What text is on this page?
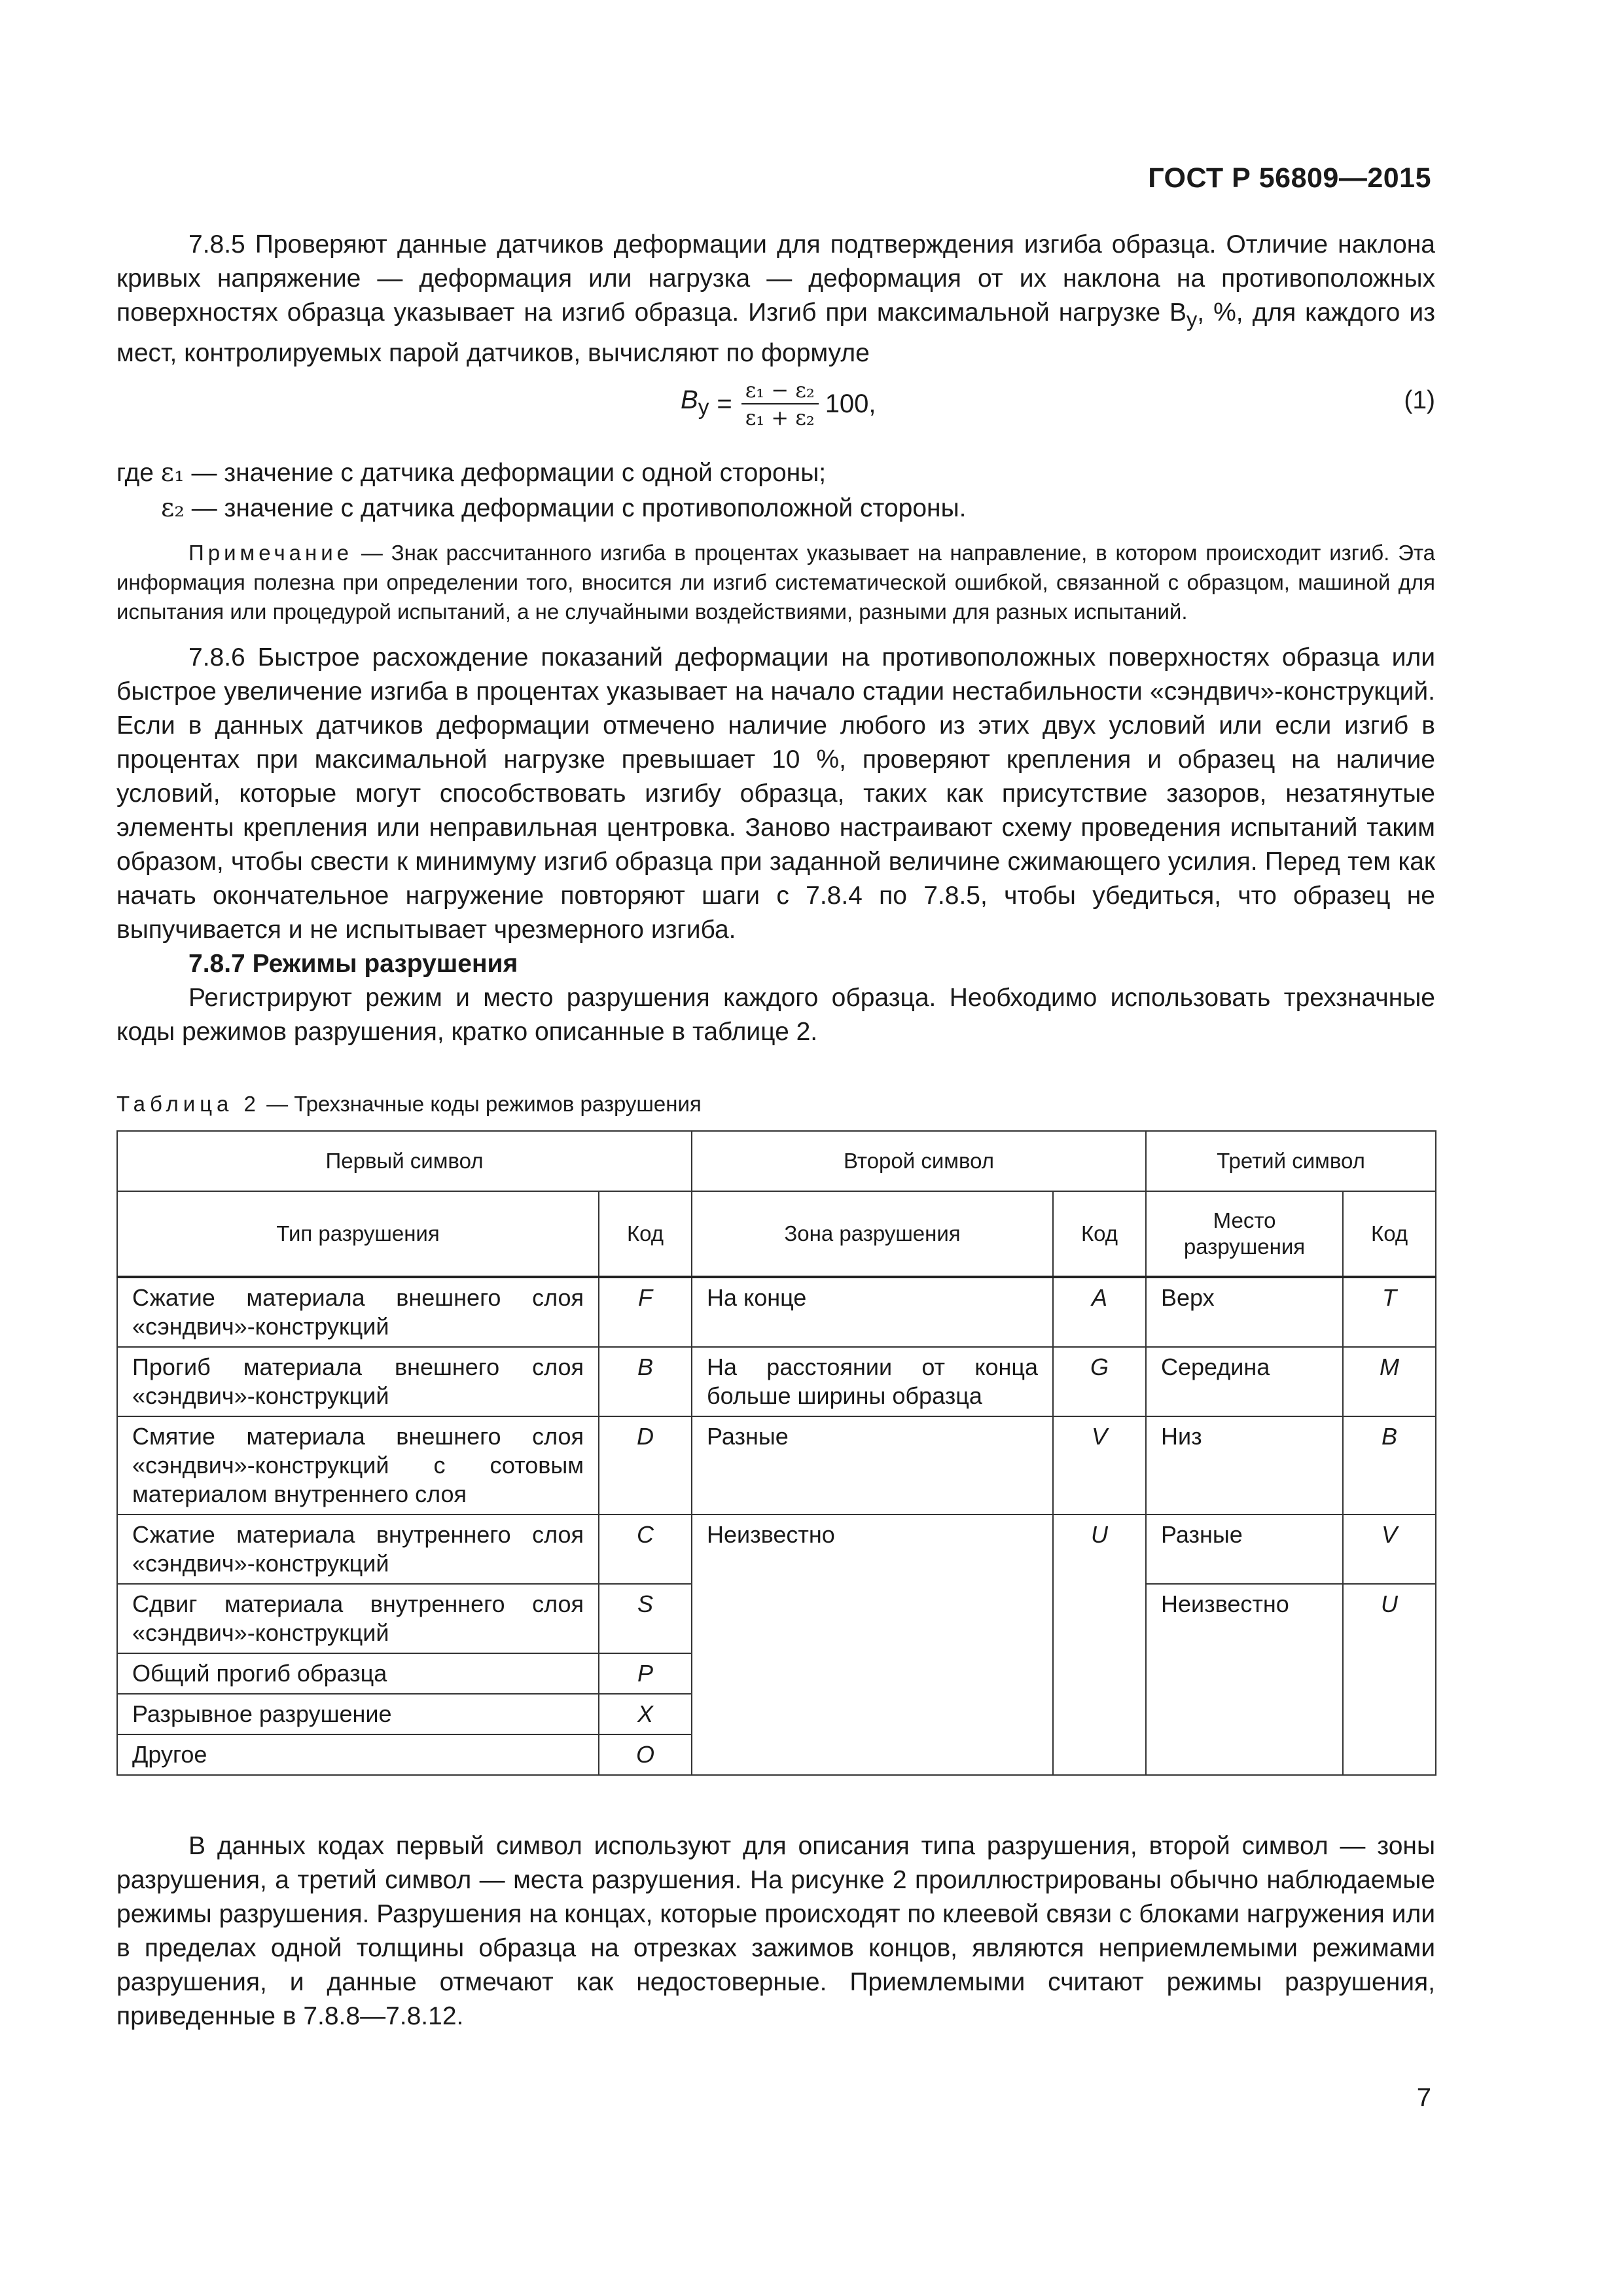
ГОСТ Р 56809—2015

7.8.5 Проверяют данные датчиков деформации для подтверждения изгиба образца. Отличие наклона кривых напряжение — деформация или нагрузка — деформация от их наклона на противоположных поверхностях образца указывает на изгиб образца. Изгиб при максимальной нагрузке $B_y$, %, для каждого из мест, контролируемых парой датчиков, вычисляют по формуле

$B_y = \frac{\text{ε₁ − ε₂}}{\text{ε₁ + ε₂}} 100$,	(1)
где ε₁ — значение с датчика деформации с одной стороны;
ε₂ — значение с датчика деформации с противоположной стороны.

Примечание — Знак рассчитанного изгиба в процентах указывает на направление, в котором происходит изгиб. Эта информация полезна при определении того, вносится ли изгиб систематической ошибкой, связанной с образцом, машиной для испытания или процедурой испытаний, а не случайными воздействиями, разными для разных испытаний.

7.8.6 Быстрое расхождение показаний деформации на противоположных поверхностях образца или быстрое увеличение изгиба в процентах указывает на начало стадии нестабильности «сэндвич»-конструкций. Если в данных датчиков деформации отмечено наличие любого из этих двух условий или если изгиб в процентах при максимальной нагрузке превышает 10 %, проверяют крепления и образец на наличие условий, которые могут способствовать изгибу образца, таких как присутствие зазоров, незатянутые элементы крепления или неправильная центровка. Заново настраивают схему проведения испытаний таким образом, чтобы свести к минимуму изгиб образца при заданной величине сжимающего усилия. Перед тем как начать окончательное нагружение повторяют шаги с 7.8.4 по 7.8.5, чтобы убедиться, что образец не выпучивается и не испытывает чрезмерного изгиба.

7.8.7 Режимы разрушения

Регистрируют режим и место разрушения каждого образца. Необходимо использовать трехзначные коды режимов разрушения, кратко описанные в таблице 2.

Таблица 2 — Трехзначные коды режимов разрушения
Первый символ		Второй символ		Третий символ	
Тип разрушения	Код	Зона разрушения	Код	Место разрушения	Код
Сжатие материала внешнего слоя «сэндвич»-конструкций	F	На конце	A	Верх	T
Прогиб материала внешнего слоя «сэндвич»-конструкций	B	На расстоянии от конца больше ширины образца	G	Середина	M
Смятие материала внешнего слоя «сэндвич»-конструкций с сотовым материалом внутреннего слоя	D	Разные	V	Низ	B
Сжатие материала внутреннего слоя «сэндвич»-конструкций	C	Неизвестно	U	Разные	V
Сдвиг материала внутреннего слоя «сэндвич»-конструкций	S			Неизвестно	U
Общий прогиб образца	P				
Разрывное разрушение	X				
Другое	O				

В данных кодах первый символ используют для описания типа разрушения, второй символ — зоны разрушения, а третий символ — места разрушения. На рисунке 2 проиллюстрированы обычно наблюдаемые режимы разрушения. Разрушения на концах, которые происходят по клеевой связи с блоками нагружения или в пределах одной толщины образца на отрезках зажимов концов, являются неприемлемыми режимами разрушения, и данные отмечают как недостоверные. Приемлемыми считают режимы разрушения, приведенные в 7.8.8—7.8.12.

7
